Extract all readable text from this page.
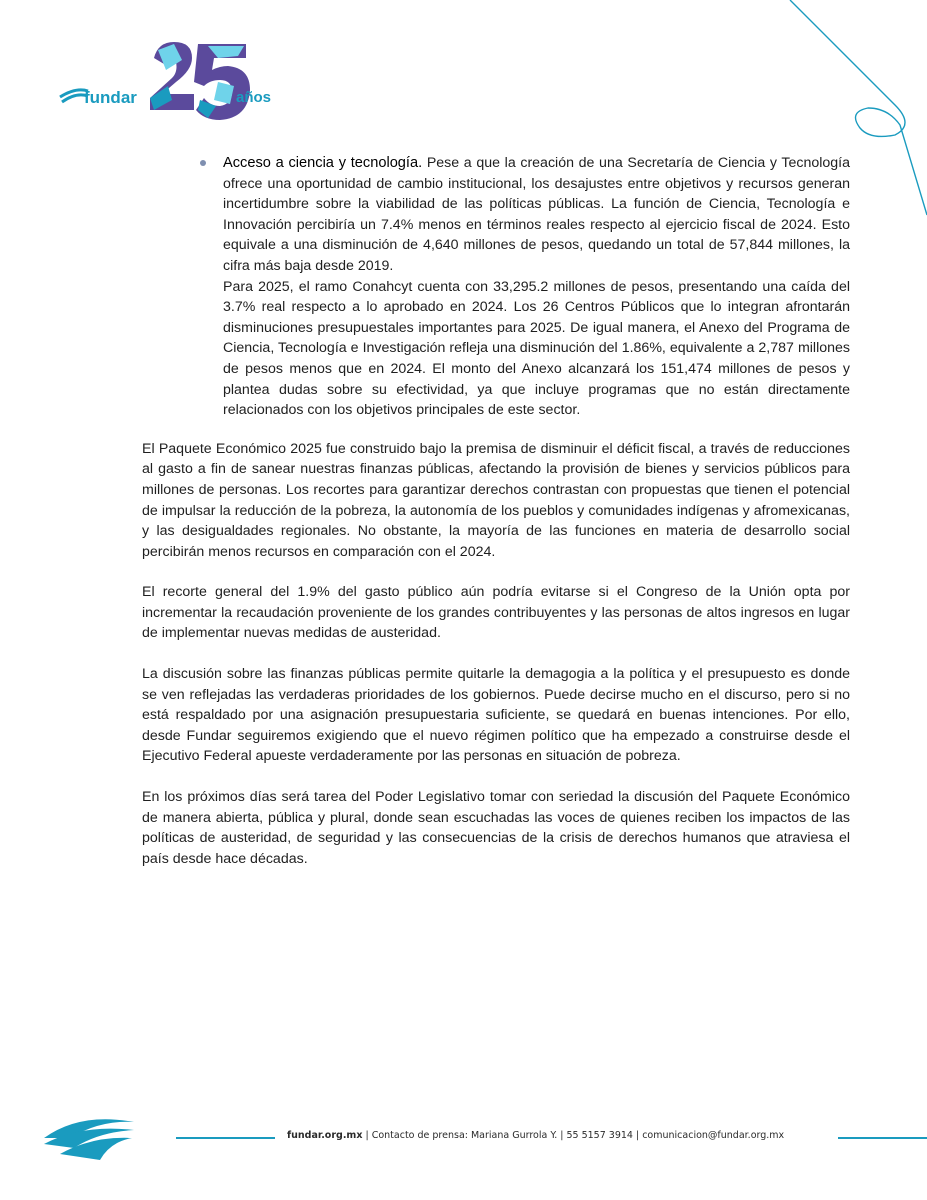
fundar	años

Acceso a ciencia y tecnología. Pese a que la creación de una Secretaría de Ciencia y Tecnología ofrece una oportunidad de cambio institucional, los desajustes entre objetivos y recursos generan incertidumbre sobre la viabilidad de las políticas públicas. La función de Ciencia, Tecnología e Innovación percibiría un 7.4% menos en términos reales respecto al ejercicio fiscal de 2024. Esto equivale a una disminución de 4,640 millones de pesos, quedando un total de 57,844 millones, la cifra más baja desde 2019.

Para 2025, el ramo Conahcyt cuenta con 33,295.2 millones de pesos, presentando una caída del 3.7% real respecto a lo aprobado en 2024. Los 26 Centros Públicos que lo integran afrontarán disminuciones presupuestales importantes para 2025. De igual manera, el Anexo del Programa de Ciencia, Tecnología e Investigación refleja una disminución del 1.86%, equivalente a 2,787 millones de pesos menos que en 2024. El monto del Anexo alcanzará los 151,474 millones de pesos y plantea dudas sobre su efectividad, ya que incluye programas que no están directamente relacionados con los objetivos principales de este sector.

El Paquete Económico 2025 fue construido bajo la premisa de disminuir el déficit fiscal, a través de reducciones al gasto a fin de sanear nuestras finanzas públicas, afectando la provisión de bienes y servicios públicos para millones de personas. Los recortes para garantizar derechos contrastan con propuestas que tienen el potencial de impulsar la reducción de la pobreza, la autonomía de los pueblos y comunidades indígenas y afromexicanas, y las desigualdades regionales. No obstante, la mayoría de las funciones en materia de desarrollo social percibirán menos recursos en comparación con el 2024.

El recorte general del 1.9% del gasto público aún podría evitarse si el Congreso de la Unión opta por incrementar la recaudación proveniente de los grandes contribuyentes y las personas de altos ingresos en lugar de implementar nuevas medidas de austeridad.

La discusión sobre las finanzas públicas permite quitarle la demagogia a la política y el presupuesto es donde se ven reflejadas las verdaderas prioridades de los gobiernos. Puede decirse mucho en el discurso, pero si no está respaldado por una asignación presupuestaria suficiente, se quedará en buenas intenciones. Por ello, desde Fundar seguiremos exigiendo que el nuevo régimen político que ha empezado a construirse desde el Ejecutivo Federal apueste verdaderamente por las personas en situación de pobreza.

En los próximos días será tarea del Poder Legislativo tomar con seriedad la discusión del Paquete Económico de manera abierta, pública y plural, donde sean escuchadas las voces de quienes reciben los impactos de las políticas de austeridad, de seguridad y las consecuencias de la crisis de derechos humanos que atraviesa el país desde hace décadas.

fundar.org.mx | Contacto de prensa: Mariana Gurrola Y. | 55 5157 3914 | comunicacion@fundar.org.mx
